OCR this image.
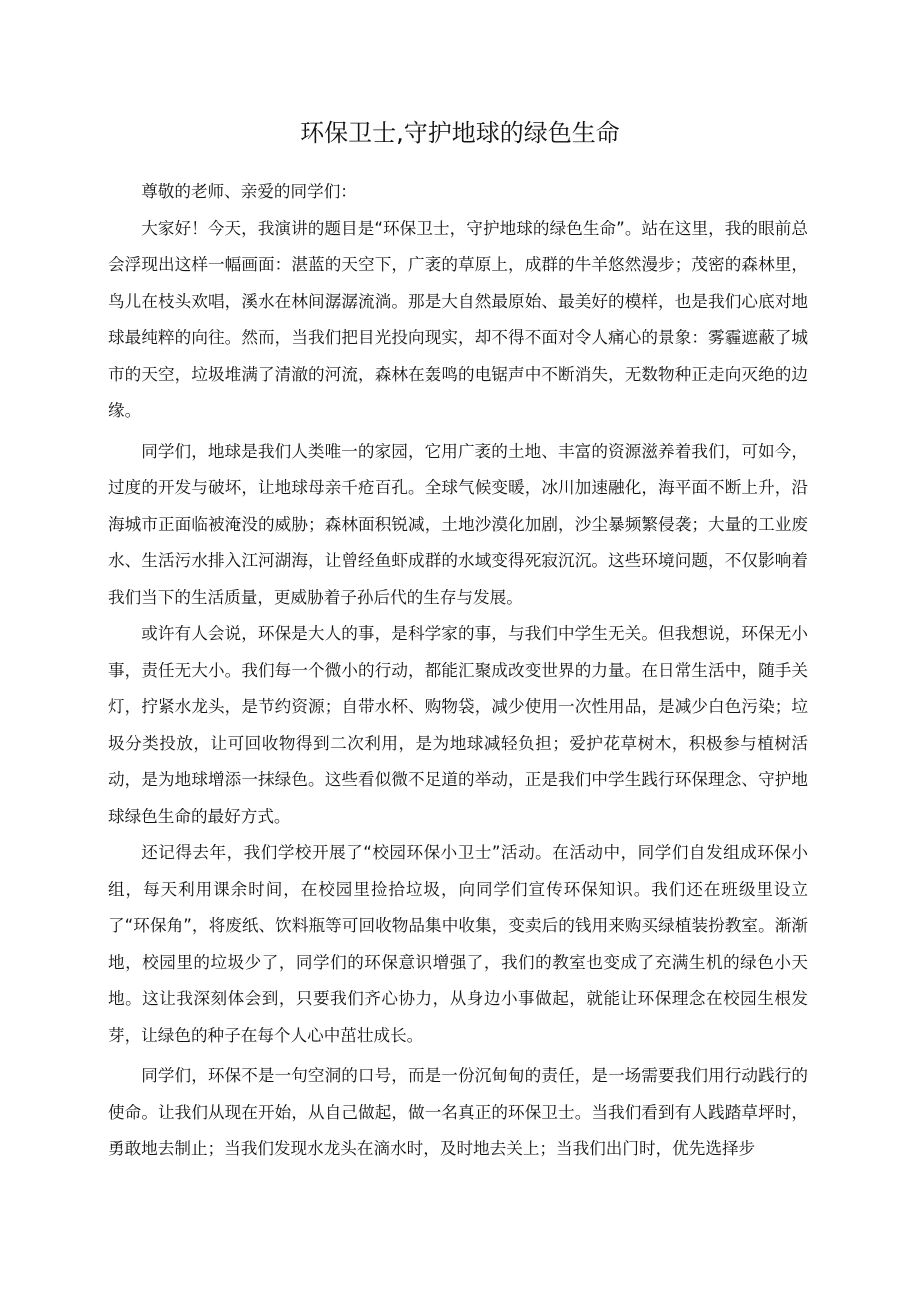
环保卫士,守护地球的绿色生命

尊敬的老师、亲爱的同学们：

大家好！今天，我演讲的题目是“环保卫士，守护地球的绿色生命”。站在这里，我的眼前总会浮现出这样一幅画面：湛蓝的天空下，广袤的草原上，成群的牛羊悠然漫步；茂密的森林里，鸟儿在枝头欢唱，溪水在林间潺潺流淌。那是大自然最原始、最美好的模样，也是我们心底对地球最纯粹的向往。然而，当我们把目光投向现实，却不得不面对令人痛心的景象：雾霾遮蔽了城市的天空，垃圾堆满了清澈的河流，森林在轰鸣的电锯声中不断消失，无数物种正走向灭绝的边缘。

同学们，地球是我们人类唯一的家园，它用广袤的土地、丰富的资源滋养着我们，可如今，过度的开发与破坏，让地球母亲千疮百孔。全球气候变暖，冰川加速融化，海平面不断上升，沿海城市正面临被淹没的威胁；森林面积锐减，土地沙漠化加剧，沙尘暴频繁侵袭；大量的工业废水、生活污水排入江河湖海，让曾经鱼虾成群的水域变得死寂沉沉。这些环境问题，不仅影响着我们当下的生活质量，更威胁着子孙后代的生存与发展。

或许有人会说，环保是大人的事，是科学家的事，与我们中学生无关。但我想说，环保无小事，责任无大小。我们每一个微小的行动，都能汇聚成改变世界的力量。在日常生活中，随手关灯，拧紧水龙头，是节约资源；自带水杯、购物袋，减少使用一次性用品，是减少白色污染；垃圾分类投放，让可回收物得到二次利用，是为地球减轻负担；爱护花草树木，积极参与植树活动，是为地球增添一抹绿色。这些看似微不足道的举动，正是我们中学生践行环保理念、守护地球绿色生命的最好方式。

还记得去年，我们学校开展了“校园环保小卫士”活动。在活动中，同学们自发组成环保小组，每天利用课余时间，在校园里捡拾垃圾，向同学们宣传环保知识。我们还在班级里设立了“环保角”，将废纸、饮料瓶等可回收物品集中收集，变卖后的钱用来购买绿植装扮教室。渐渐地，校园里的垃圾少了，同学们的环保意识增强了，我们的教室也变成了充满生机的绿色小天地。这让我深刻体会到，只要我们齐心协力，从身边小事做起，就能让环保理念在校园生根发芽，让绿色的种子在每个人心中茁壮成长。

同学们，环保不是一句空洞的口号，而是一份沉甸甸的责任，是一场需要我们用行动践行的使命。让我们从现在开始，从自己做起，做一名真正的环保卫士。当我们看到有人践踏草坪时，勇敢地去制止；当我们发现水龙头在滴水时，及时地去关上；当我们出门时，优先选择步
